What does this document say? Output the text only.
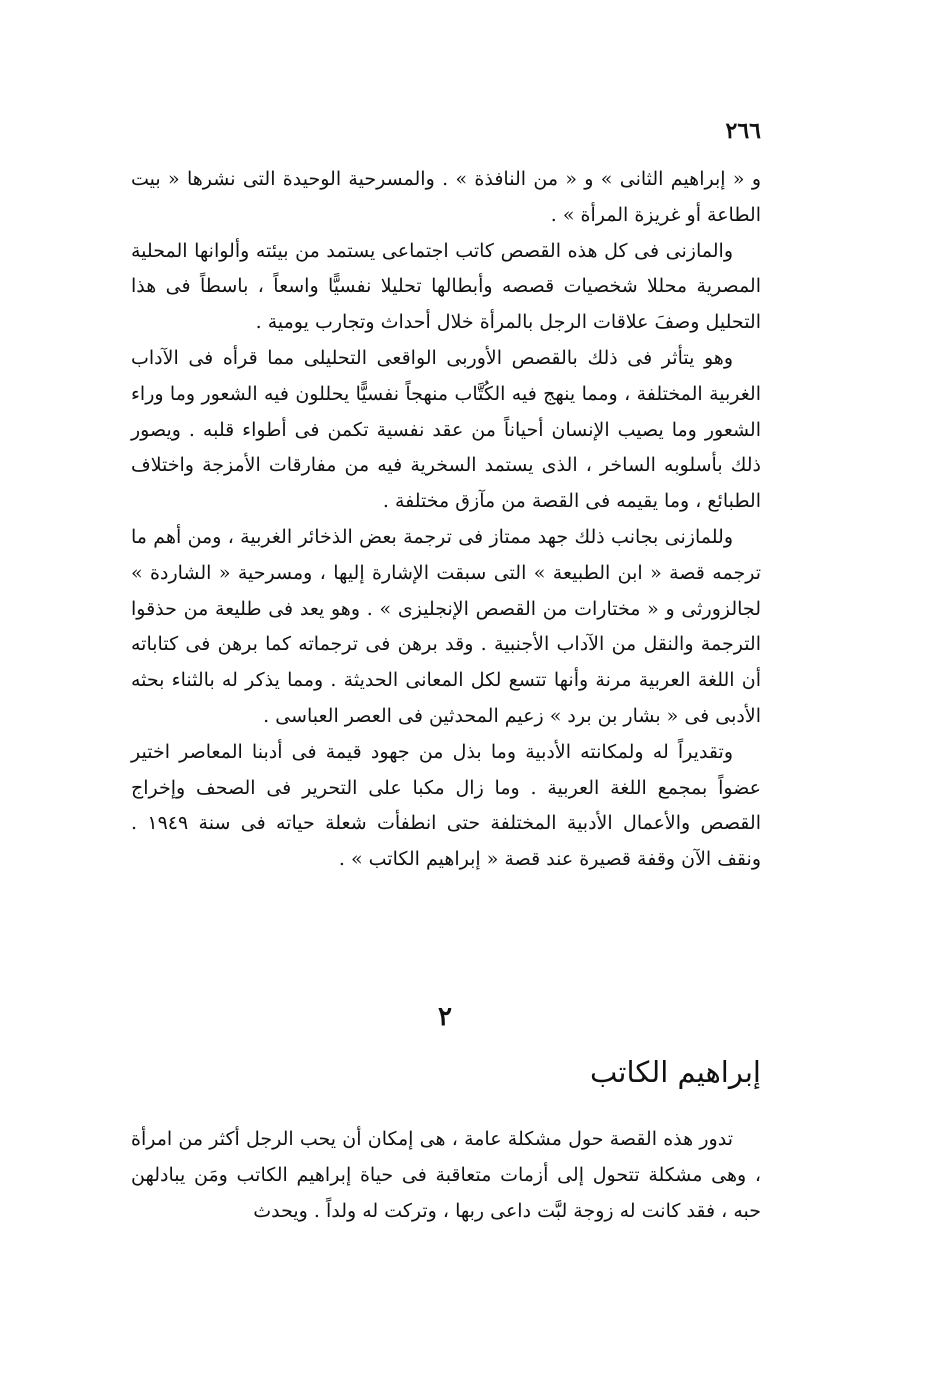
٢٦٦

و « إبراهيم الثانى » و « من النافذة » . والمسرحية الوحيدة التى نشرها « بيت الطاعة أو غريزة المرأة » .

والمازنى فى كل هذه القصص كاتب اجتماعى يستمد من بيئته وألوانها المحلية المصرية محللا شخصيات قصصه وأبطالها تحليلا نفسيًّا واسعاً ، باسطاً فى هذا التحليل وصفَ علاقات الرجل بالمرأة خلال أحداث وتجارب يومية .

وهو يتأثر فى ذلك بالقصص الأوربى الواقعى التحليلى مما قرأه فى الآداب الغربية المختلفة ، ومما ينهج فيه الكُتَّاب منهجاً نفسيًّا يحللون فيه الشعور وما وراء الشعور وما يصيب الإنسان أحياناً من عقد نفسية تكمن فى أطواء قلبه . ويصور ذلك بأسلوبه الساخر ، الذى يستمد السخرية فيه من مفارقات الأمزجة واختلاف الطبائع ، وما يقيمه فى القصة من مآزق مختلفة .

وللمازنى بجانب ذلك جهد ممتاز فى ترجمة بعض الذخائر الغربية ، ومن أهم ما ترجمه قصة « ابن الطبيعة » التى سبقت الإشارة إليها ، ومسرحية « الشاردة » لجالزورثى و « مختارات من القصص الإنجليزى » . وهو يعد فى طليعة من حذقوا الترجمة والنقل من الآداب الأجنبية . وقد برهن فى ترجماته كما برهن فى كتاباته أن اللغة العربية مرنة وأنها تتسع لكل المعانى الحديثة . ومما يذكر له بالثناء بحثه الأدبى فى « بشار بن برد » زعيم المحدثين فى العصر العباسى .

وتقديراً له ولمكانته الأدبية وما بذل من جهود قيمة فى أدبنا المعاصر اختير عضواً بمجمع اللغة العربية . وما زال مكبا على التحرير فى الصحف وإخراج القصص والأعمال الأدبية المختلفة حتى انطفأت شعلة حياته فى سنة ١٩٤٩ . ونقف الآن وقفة قصيرة عند قصة « إبراهيم الكاتب » .

٢
إبراهيم الكاتب

تدور هذه القصة حول مشكلة عامة ، هى إمكان أن يحب الرجل أكثر من امرأة ، وهى مشكلة تتحول إلى أزمات متعاقبة فى حياة إبراهيم الكاتب ومَن يبادلهن حبه ، فقد كانت له زوجة لبَّت داعى ربها ، وتركت له ولداً . ويحدث
